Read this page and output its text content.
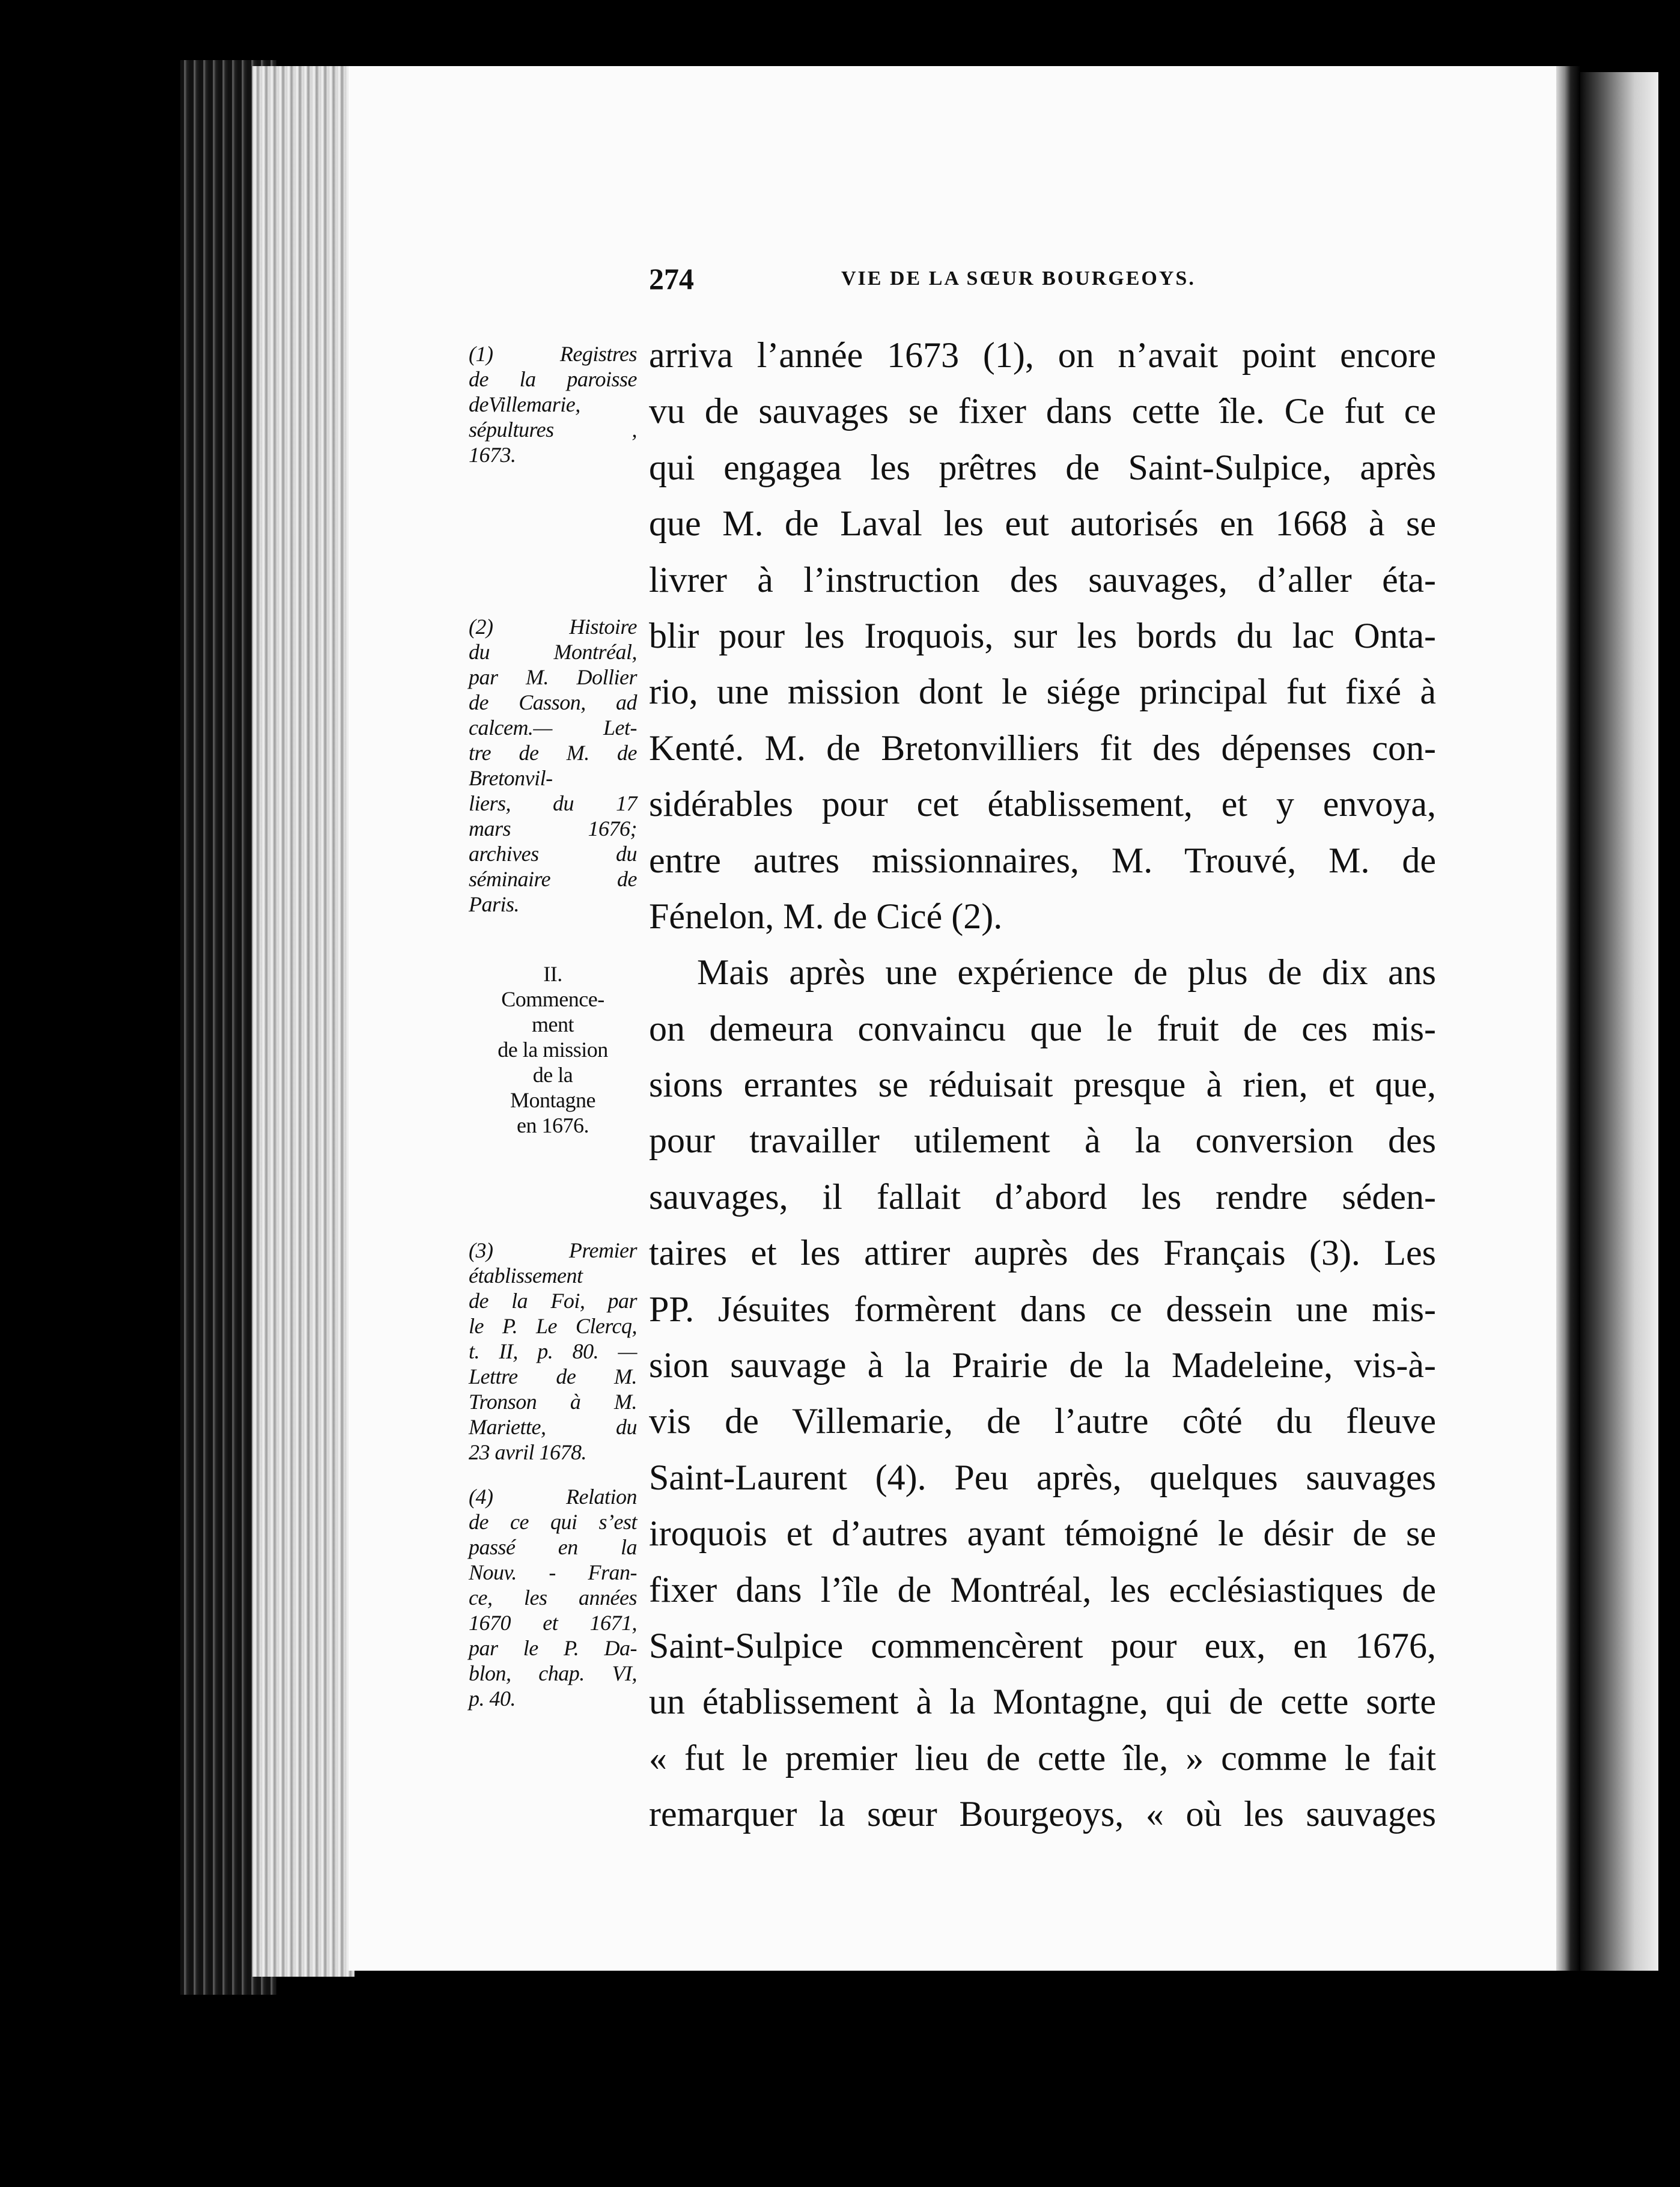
274	VIE DE LA SŒUR BOURGEOYS.
arriva l’année 1673 (1), on n’avait point encore
vu de sauvages se fixer dans cette île. Ce fut ce
qui engagea les prêtres de Saint-Sulpice, après
que M. de Laval les eut autorisés en 1668 à se
livrer à l’instruction des sauvages, d’aller éta-
blir pour les Iroquois, sur les bords du lac Onta-
rio, une mission dont le siége principal fut fixé à
Kenté. M. de Bretonvilliers fit des dépenses con-
sidérables pour cet établissement, et y envoya,
entre autres missionnaires, M. Trouvé, M. de
Fénelon, M. de Cicé (2).
Mais après une expérience de plus de dix ans
on demeura convaincu que le fruit de ces mis-
sions errantes se réduisait presque à rien, et que,
pour travailler utilement à la conversion des
sauvages, il fallait d’abord les rendre séden-
taires et les attirer auprès des Français (3). Les
PP. Jésuites formèrent dans ce dessein une mis-
sion sauvage à la Prairie de la Madeleine, vis-à-
vis de Villemarie, de l’autre côté du fleuve
Saint-Laurent (4). Peu après, quelques sauvages
iroquois et d’autres ayant témoigné le désir de se
fixer dans l’île de Montréal, les ecclésiastiques de
Saint-Sulpice commencèrent pour eux, en 1676,
un établissement à la Montagne, qui de cette sorte
« fut le premier lieu de cette île, » comme le fait
remarquer la sœur Bourgeoys, « où les sauvages
(1) Registres
de la paroisse
deVillemarie,
sépultures ,
1673.
(2) Histoire
du Montréal,
par M. Dollier
de Casson, ad
calcem.— Let-
tre de M. de
Bretonvil-
liers, du 17
mars 1676;
archives du
séminaire de
Paris.
II.
Commence-
ment
de la mission
de la
Montagne
en 1676.
(3) Premier
établissement
de la Foi, par
le P. Le Clercq,
t. II, p. 80. —
Lettre de M.
Tronson à M.
Mariette, du
23 avril 1678.
(4) Relation
de ce qui s’est
passé en la
Nouv. - Fran-
ce, les années
1670 et 1671,
par le P. Da-
blon, chap. VI,
p. 40.
